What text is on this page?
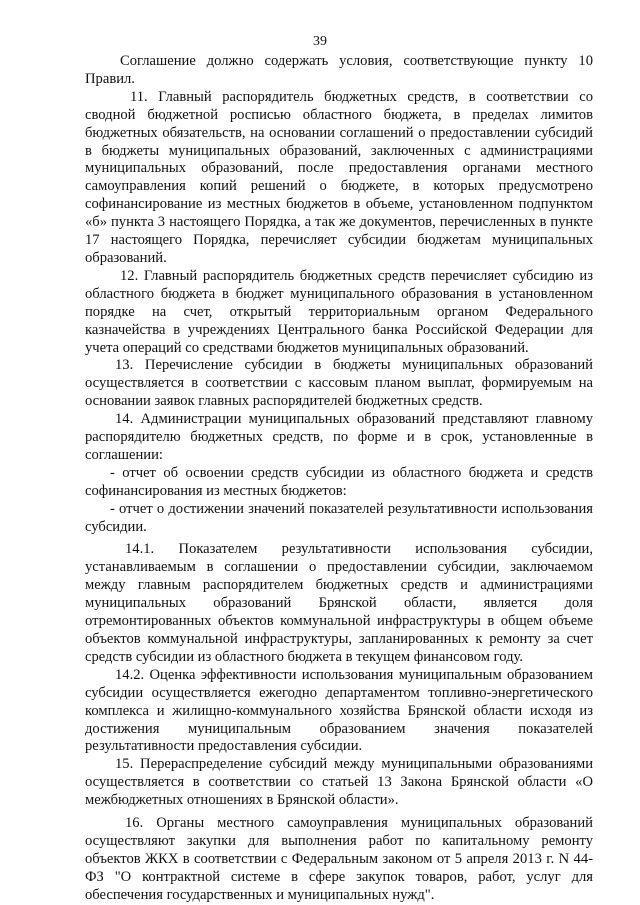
39

Соглашение должно содержать условия, соответствующие пункту 10 Правил.

11. Главный распорядитель бюджетных средств, в соответствии со сводной бюджетной росписью областного бюджета, в пределах лимитов бюджетных обязательств, на основании соглашений о предоставлении субсидий в бюджеты муниципальных образований, заключенных с администрациями муниципальных образований, после предоставления органами местного самоуправления копий решений о бюджете, в которых предусмотрено софинансирование из местных бюджетов в объеме, установленном подпунктом «б» пункта 3 настоящего Порядка, а так же документов, перечисленных в пункте 17 настоящего Порядка, перечисляет субсидии бюджетам муниципальных образований.

12. Главный распорядитель бюджетных средств перечисляет субсидию из областного бюджета в бюджет муниципального образования в установленном порядке на счет, открытый территориальным органом Федерального казначейства в учреждениях Центрального банка Российской Федерации для учета операций со средствами бюджетов муниципальных образований.

13. Перечисление субсидии в бюджеты муниципальных образований осуществляется в соответствии с кассовым планом выплат, формируемым на основании заявок главных распорядителей бюджетных средств.

14. Администрации муниципальных образований представляют главному распорядителю бюджетных средств, по форме и в срок, установленные в соглашении:

- отчет об освоении средств субсидии из областного бюджета и средств софинансирования из местных бюджетов:

- отчет о достижении значений показателей результативности использования субсидии.

14.1. Показателем результативности использования субсидии, устанавливаемым в соглашении о предоставлении субсидии, заключаемом между главным распорядителем бюджетных средств и администрациями муниципальных образований Брянской области, является доля отремонтированных объектов коммунальной инфраструктуры в общем объеме объектов коммунальной инфраструктуры, запланированных к ремонту за счет средств субсидии из областного бюджета в текущем финансовом году.

14.2. Оценка эффективности использования муниципальным образованием субсидии осуществляется ежегодно департаментом топливно-энергетического комплекса и жилищно-коммунального хозяйства Брянской области исходя из достижения муниципальным образованием значения показателей результативности предоставления субсидии.

15. Перераспределение субсидий между муниципальными образованиями осуществляется в соответствии со статьей 13 Закона Брянской области «О межбюджетных отношениях в Брянской области».

16. Органы местного самоуправления муниципальных образований осуществляют закупки для выполнения работ по капитальному ремонту объектов ЖКХ в соответствии с Федеральным законом от 5 апреля 2013 г. N 44-ФЗ "О контрактной системе в сфере закупок товаров, работ, услуг для обеспечения государственных и муниципальных нужд".
